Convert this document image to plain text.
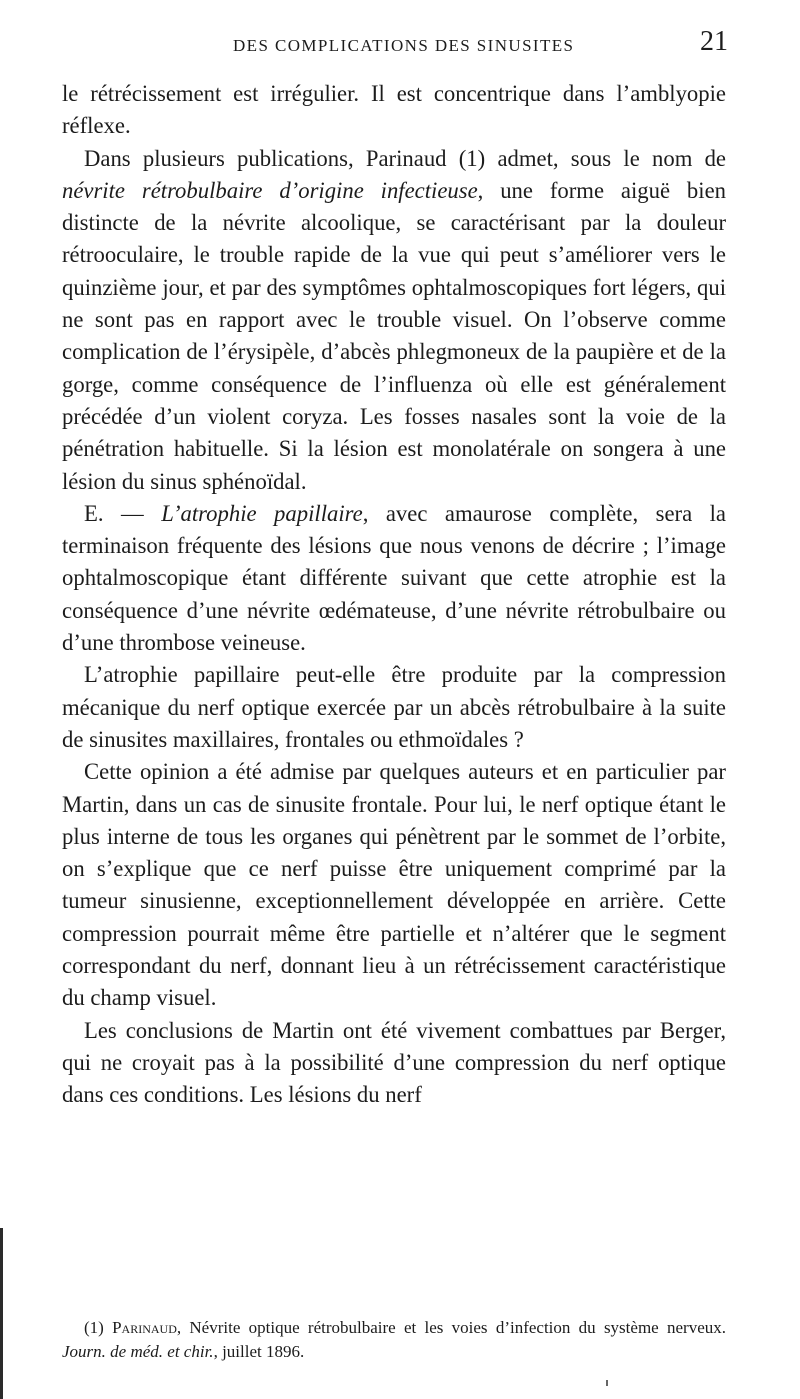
DES COMPLICATIONS DES SINUSITES	21

le rétrécissement est irrégulier. Il est concentrique dans l’amblyopie réflexe.

Dans plusieurs publications, Parinaud (1) admet, sous le nom de névrite rétrobulbaire d’origine infectieuse, une forme aiguë bien distincte de la névrite alcoolique, se caractérisant par la douleur rétrooculaire, le trouble rapide de la vue qui peut s’améliorer vers le quinzième jour, et par des symptômes ophtalmoscopiques fort légers, qui ne sont pas en rapport avec le trouble visuel. On l’observe comme complication de l’érysipèle, d’abcès phlegmoneux de la paupière et de la gorge, comme conséquence de l’influenza où elle est généralement précédée d’un violent coryza. Les fosses nasales sont la voie de la pénétration habituelle. Si la lésion est monolatérale on songera à une lésion du sinus sphénoïdal.

E. — L’atrophie papillaire, avec amaurose complète, sera la terminaison fréquente des lésions que nous venons de décrire ; l’image ophtalmoscopique étant différente suivant que cette atrophie est la conséquence d’une névrite œdémateuse, d’une névrite rétrobulbaire ou d’une thrombose veineuse.

L’atrophie papillaire peut-elle être produite par la compression mécanique du nerf optique exercée par un abcès rétrobulbaire à la suite de sinusites maxillaires, frontales ou ethmoïdales ?

Cette opinion a été admise par quelques auteurs et en particulier par Martin, dans un cas de sinusite frontale. Pour lui, le nerf optique étant le plus interne de tous les organes qui pénètrent par le sommet de l’orbite, on s’explique que ce nerf puisse être uniquement comprimé par la tumeur sinusienne, exceptionnellement développée en arrière. Cette compression pourrait même être partielle et n’altérer que le segment correspondant du nerf, donnant lieu à un rétrécissement caractéristique du champ visuel.

Les conclusions de Martin ont été vivement combattues par Berger, qui ne croyait pas à la possibilité d’une compression du nerf optique dans ces conditions. Les lésions du nerf

(1) Parinaud, Névrite optique rétrobulbaire et les voies d’infection du système nerveux. Journ. de méd. et chir., juillet 1896.
